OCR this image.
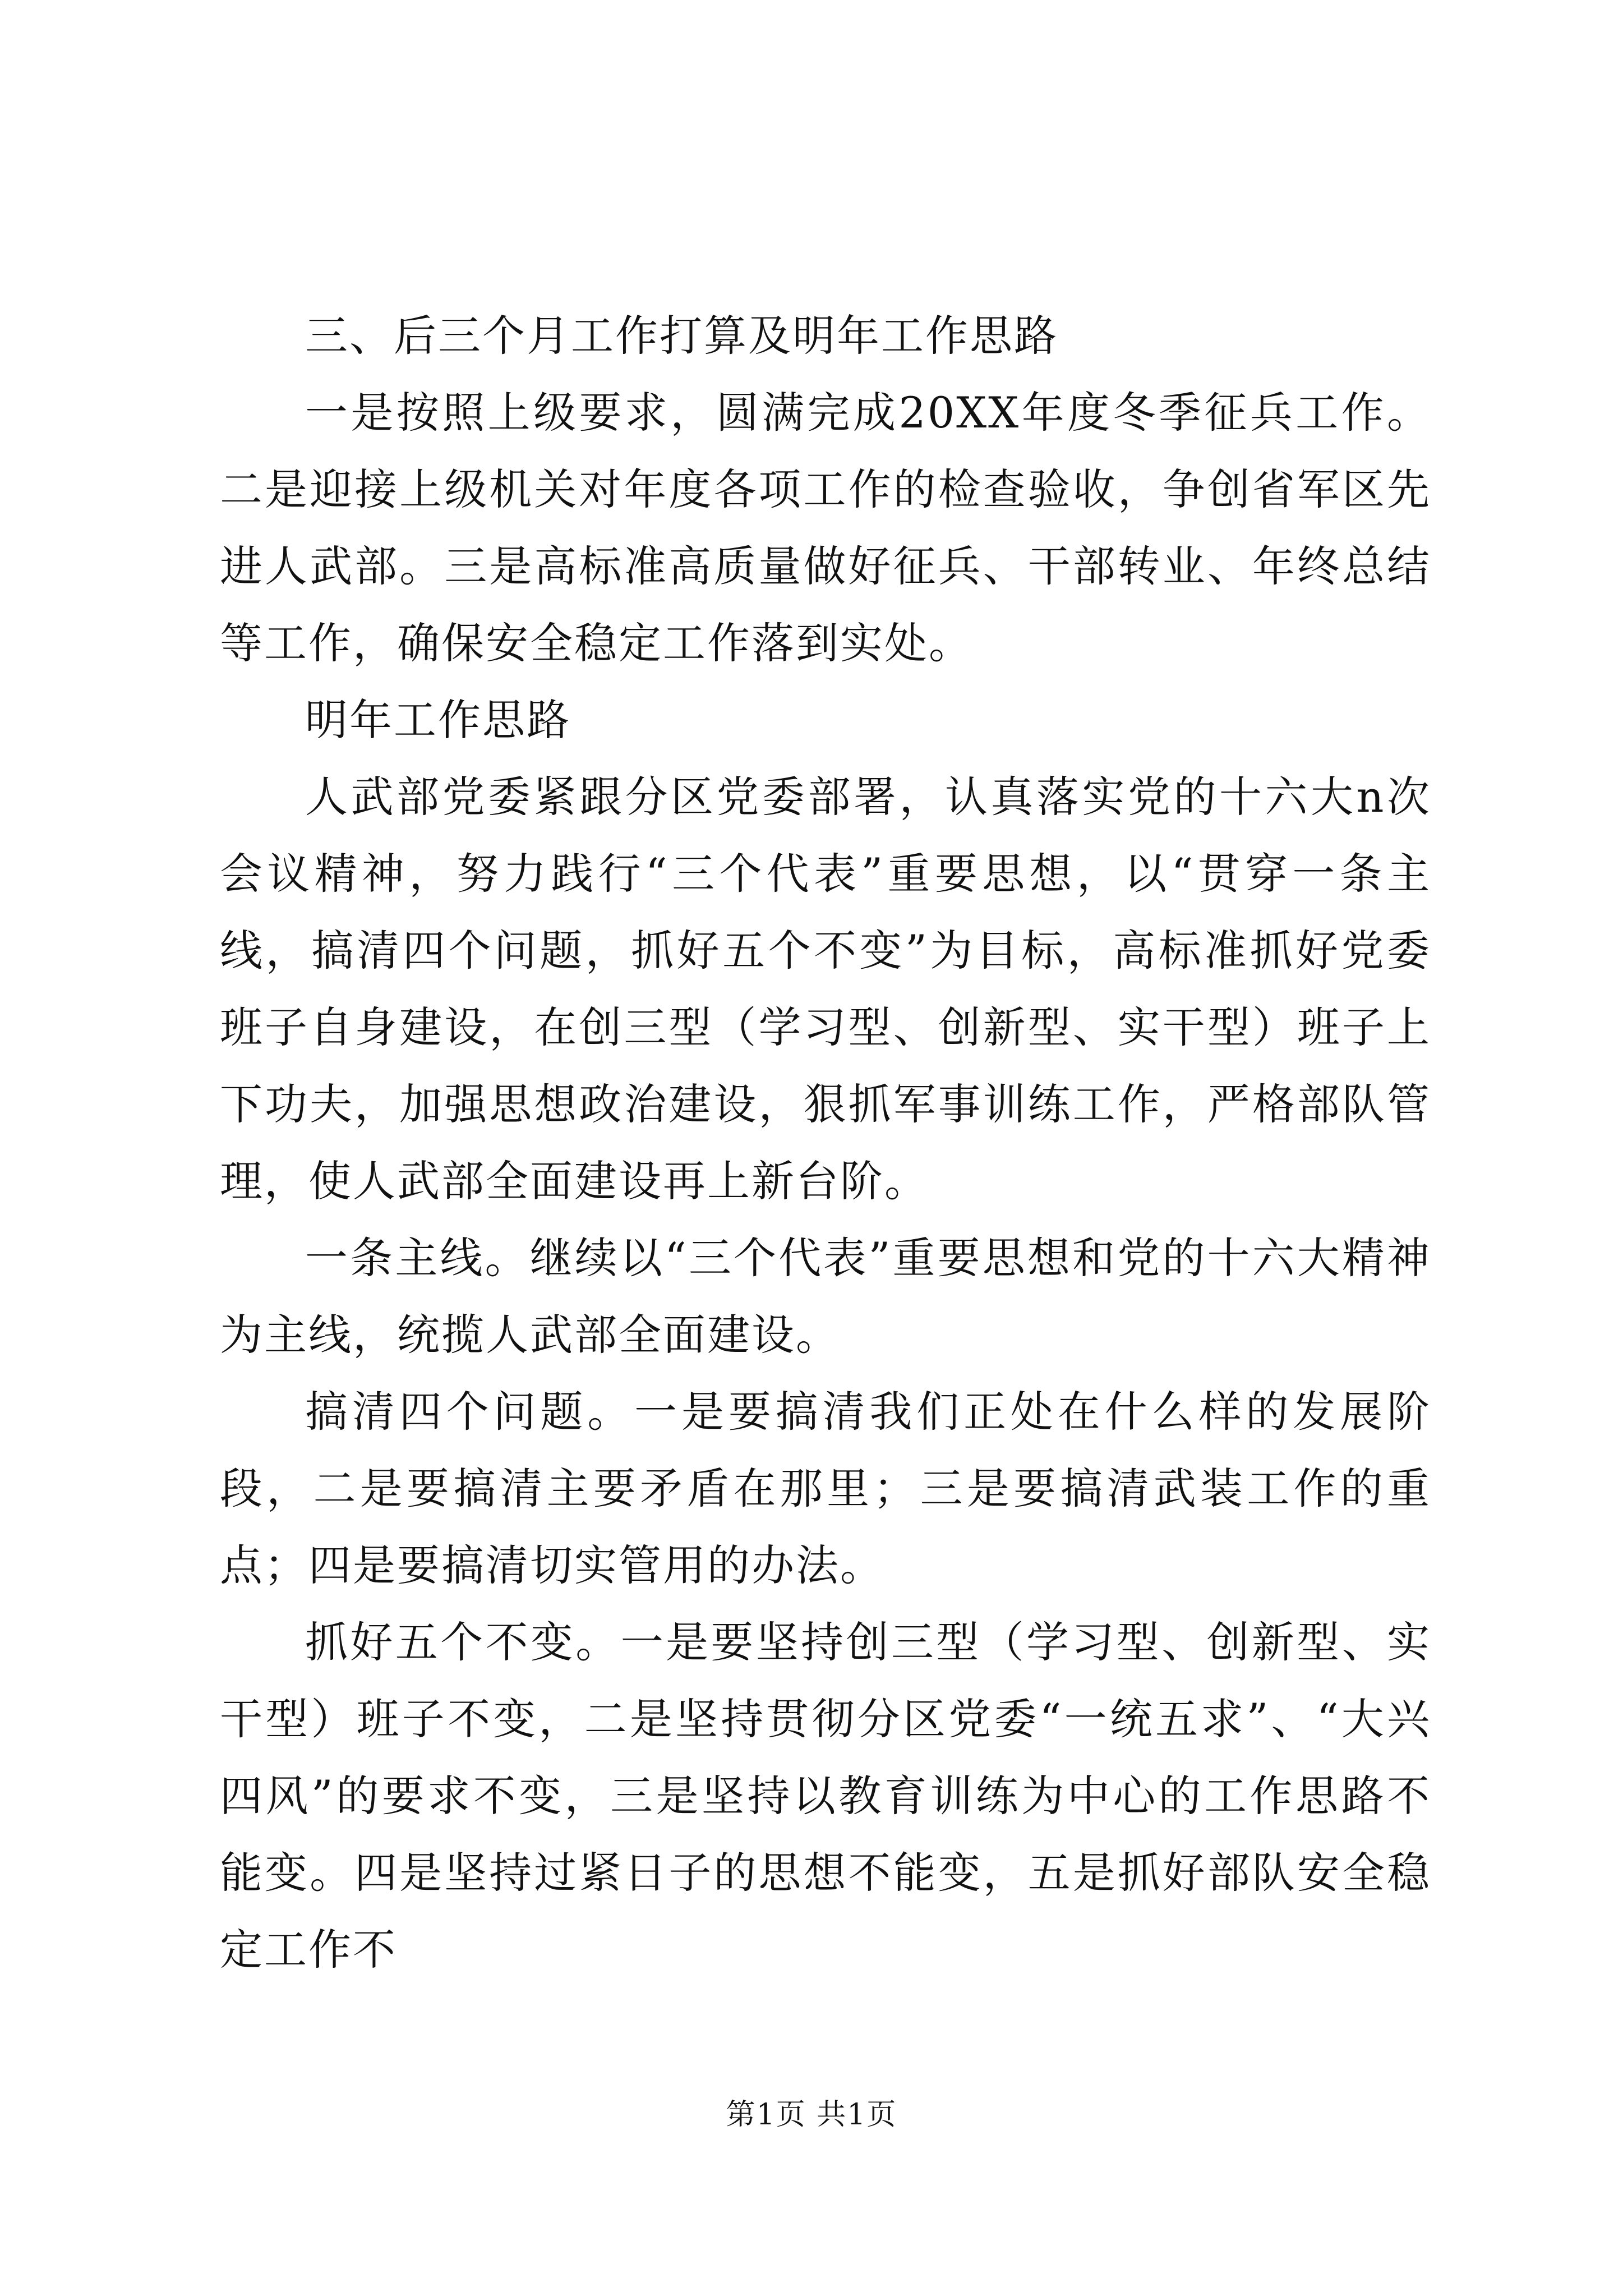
三、后三个月工作打算及明年工作思路

一是按照上级要求，圆满完成20XX年度冬季征兵工作。二是迎接上级机关对年度各项工作的检查验收，争创省军区先进人武部。三是高标准高质量做好征兵、干部转业、年终总结等工作，确保安全稳定工作落到实处。

明年工作思路

人武部党委紧跟分区党委部署，认真落实党的十六大n次会议精神，努力践行“三个代表”重要思想，以“贯穿一条主线，搞清四个问题，抓好五个不变”为目标，高标准抓好党委班子自身建设，在创三型（学习型、创新型、实干型）班子上下功夫，加强思想政治建设，狠抓军事训练工作，严格部队管理，使人武部全面建设再上新台阶。

一条主线。继续以“三个代表”重要思想和党的十六大精神为主线，统揽人武部全面建设。

搞清四个问题。一是要搞清我们正处在什么样的发展阶段，二是要搞清主要矛盾在那里；三是要搞清武装工作的重点；四是要搞清切实管用的办法。

抓好五个不变。一是要坚持创三型（学习型、创新型、实干型）班子不变，二是坚持贯彻分区党委“一统五求”、“大兴四风”的要求不变，三是坚持以教育训练为中心的工作思路不能变。四是坚持过紧日子的思想不能变，五是抓好部队安全稳定工作不

第1页 共1页
